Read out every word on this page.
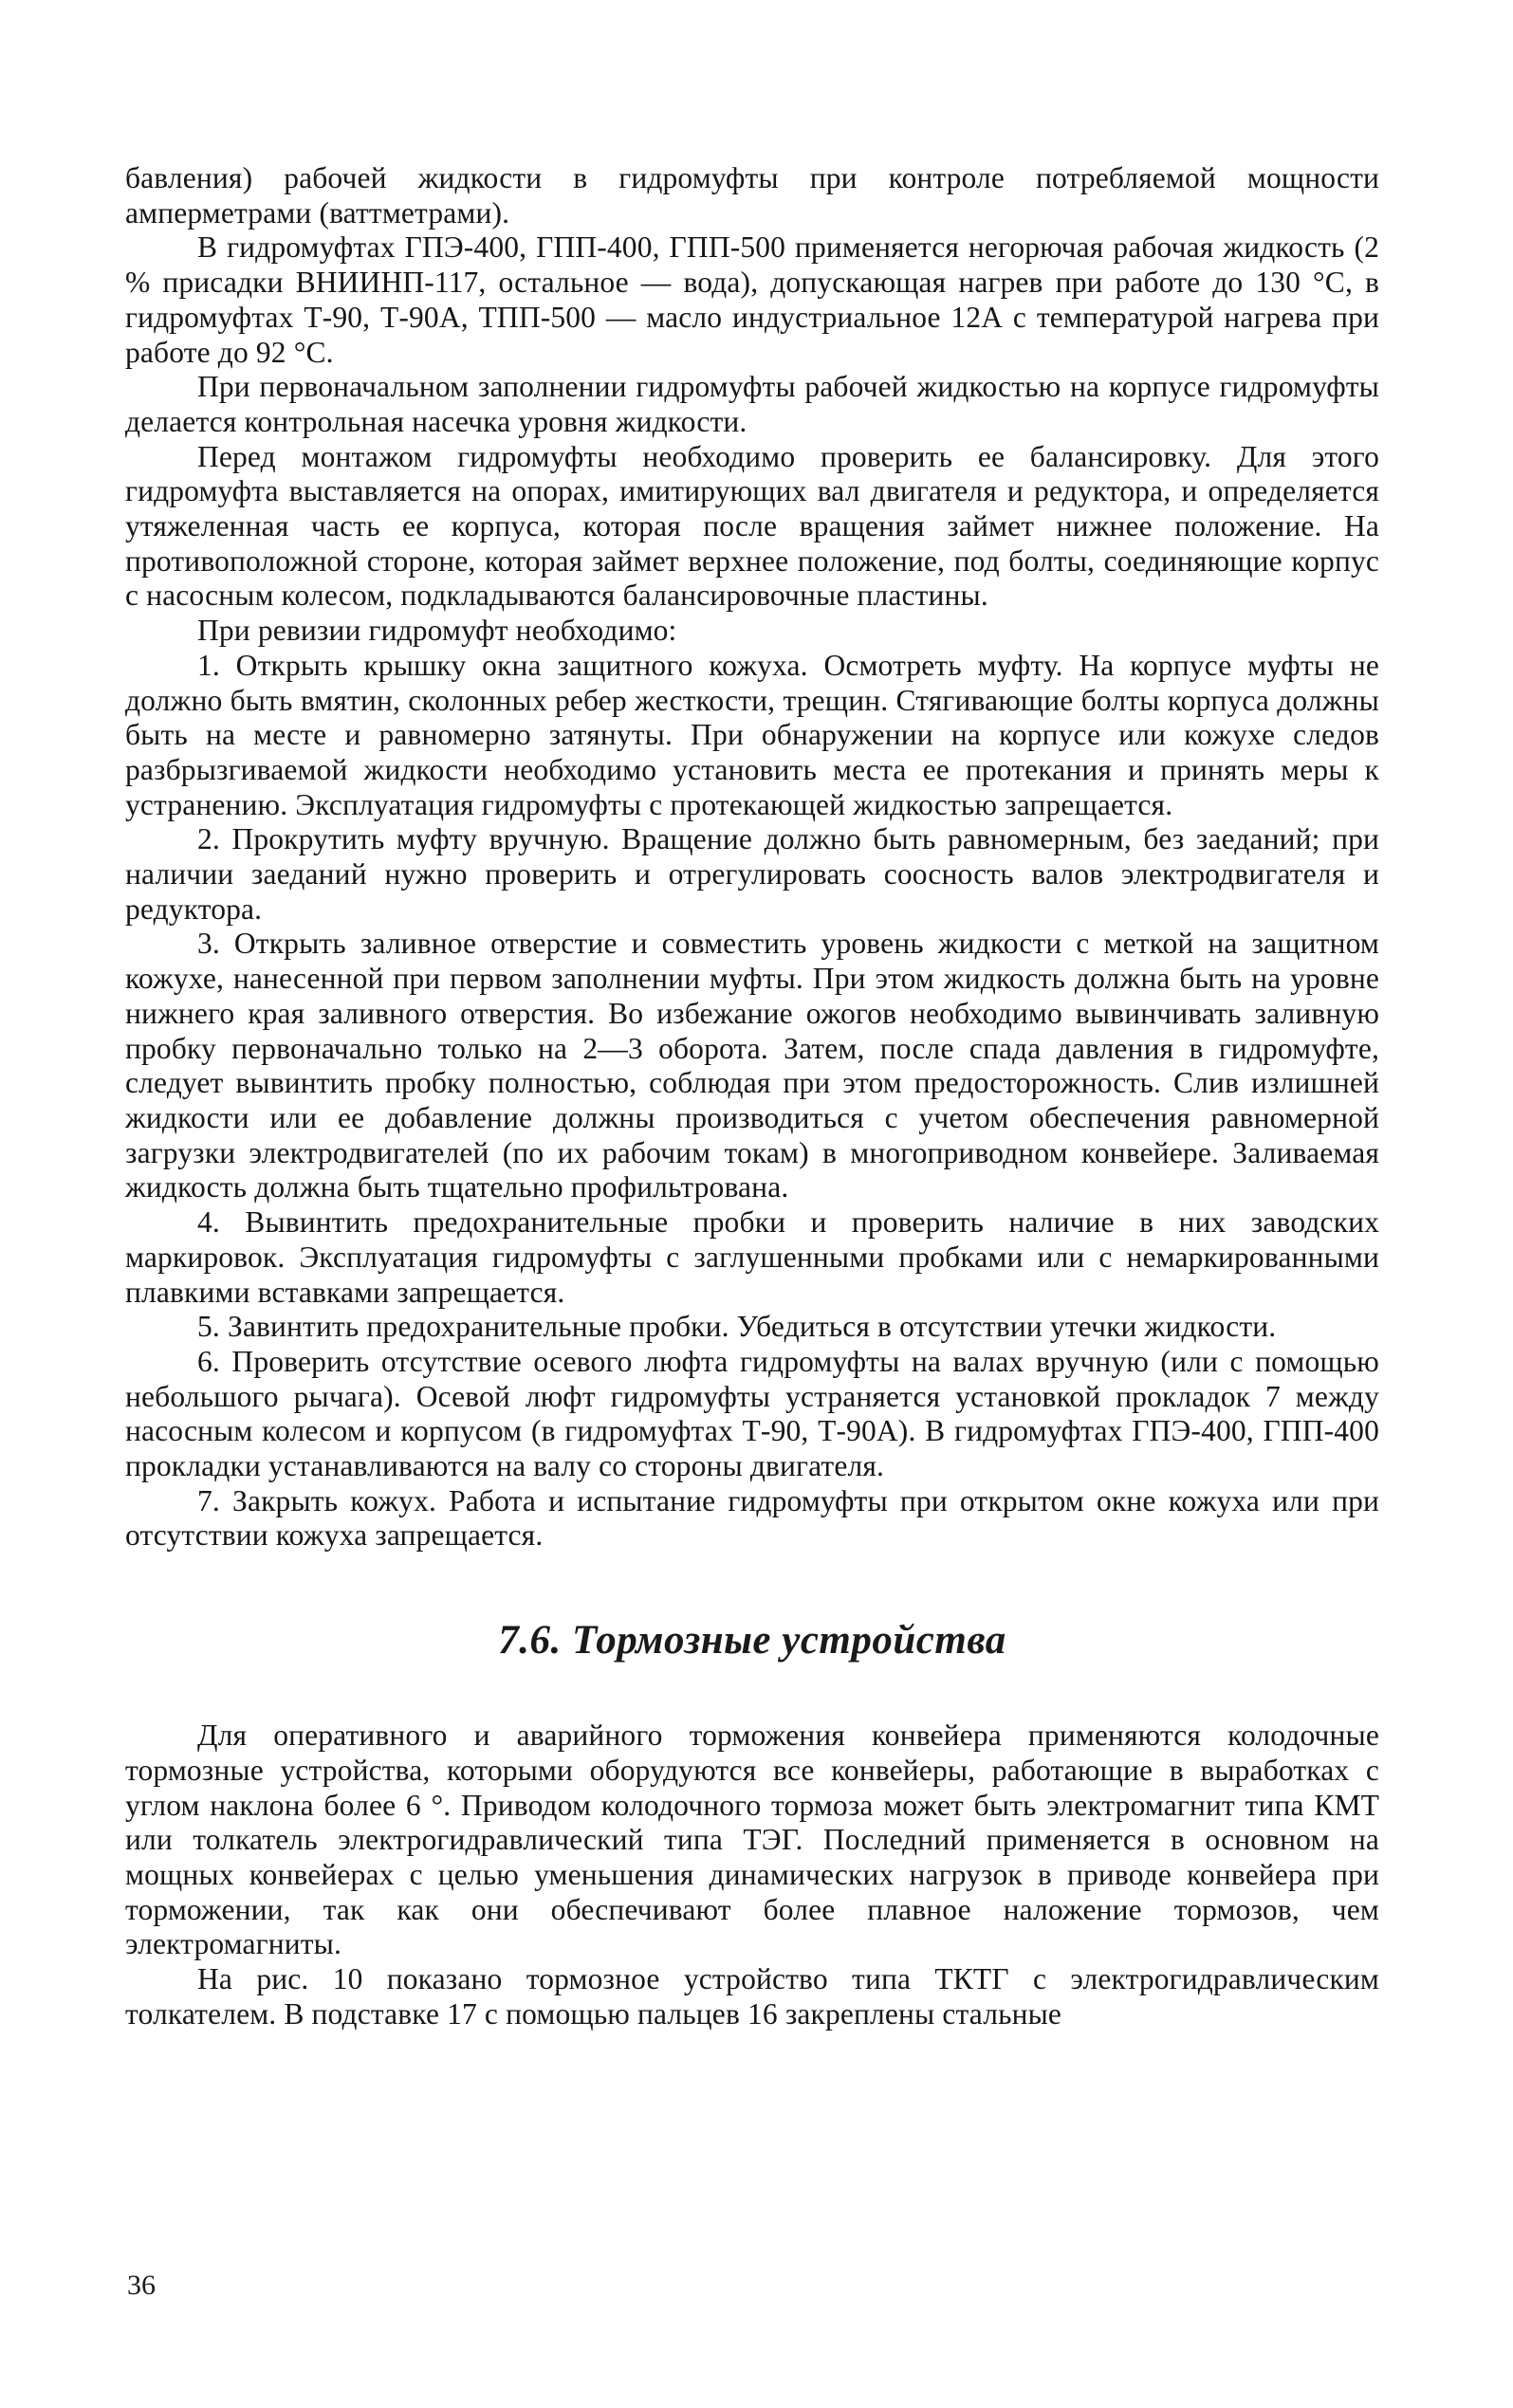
бавления) рабочей жидкости в гидромуфты при контроле потребляемой мощности амперметрами (ваттметрами).

В гидромуфтах ГПЭ-400, ГПП-400, ГПП-500 применяется негорючая рабочая жидкость (2 % присадки ВНИИНП-117, остальное — вода), допускающая нагрев при работе до 130 °С, в гидромуфтах Т-90, Т-90А, ТПП-500 — масло индустриальное 12А с температурой нагрева при работе до 92 °С.

При первоначальном заполнении гидромуфты рабочей жидкостью на корпусе гидромуфты делается контрольная насечка уровня жидкости.

Перед монтажом гидромуфты необходимо проверить ее балансировку. Для этого гидромуфта выставляется на опорах, имитирующих вал двигателя и редуктора, и определяется утяжеленная часть ее корпуса, которая после вращения займет нижнее положение. На противоположной стороне, которая займет верхнее положение, под болты, соединяющие корпус с насосным колесом, подкладываются балансировочные пластины.

При ревизии гидромуфт необходимо:

1. Открыть крышку окна защитного кожуха. Осмотреть муфту. На корпусе муфты не должно быть вмятин, сколонных ребер жесткости, трещин. Стягивающие болты корпуса должны быть на месте и равномерно затянуты. При обнаружении на корпусе или кожухе следов разбрызгиваемой жидкости необходимо установить места ее протекания и принять меры к устранению. Эксплуатация гидромуфты с протекающей жидкостью запрещается.

2. Прокрутить муфту вручную. Вращение должно быть равномерным, без заеданий; при наличии заеданий нужно проверить и отрегулировать соосность валов электродвигателя и редуктора.

3. Открыть заливное отверстие и совместить уровень жидкости с меткой на защитном кожухе, нанесенной при первом заполнении муфты. При этом жидкость должна быть на уровне нижнего края заливного отверстия. Во избежание ожогов необходимо вывинчивать заливную пробку первоначально только на 2—3 оборота. Затем, после спада давления в гидромуфте, следует вывинтить пробку полностью, соблюдая при этом предосторожность. Слив излишней жидкости или ее добавление должны производиться с учетом обеспечения равномерной загрузки электродвигателей (по их рабочим токам) в многоприводном конвейере. Заливаемая жидкость должна быть тщательно профильтрована.

4. Вывинтить предохранительные пробки и проверить наличие в них заводских маркировок. Эксплуатация гидромуфты с заглушенными пробками или с немаркированными плавкими вставками запрещается.

5. Завинтить предохранительные пробки. Убедиться в отсутствии утечки жидкости.

6. Проверить отсутствие осевого люфта гидромуфты на валах вручную (или с помощью небольшого рычага). Осевой люфт гидромуфты устраняется установкой прокладок 7 между насосным колесом и корпусом (в гидромуфтах Т-90, Т-90А). В гидромуфтах ГПЭ-400, ГПП-400 прокладки устанавливаются на валу со стороны двигателя.

7. Закрыть кожух. Работа и испытание гидромуфты при открытом окне кожуха или при отсутствии кожуха запрещается.

7.6. Тормозные устройства

Для оперативного и аварийного торможения конвейера применяются колодочные тормозные устройства, которыми оборудуются все конвейеры, работающие в выработках с углом наклона более 6 °. Приводом колодочного тормоза может быть электромагнит типа КМТ или толкатель электрогидравлический типа ТЭГ. Последний применяется в основном на мощных конвейерах с целью уменьшения динамических нагрузок в приводе конвейера при торможении, так как они обеспечивают более плавное наложение тормозов, чем электромагниты.

На рис. 10 показано тормозное устройство типа ТКТГ с электрогидравлическим толкателем. В подставке 17 с помощью пальцев 16 закреплены стальные

36
